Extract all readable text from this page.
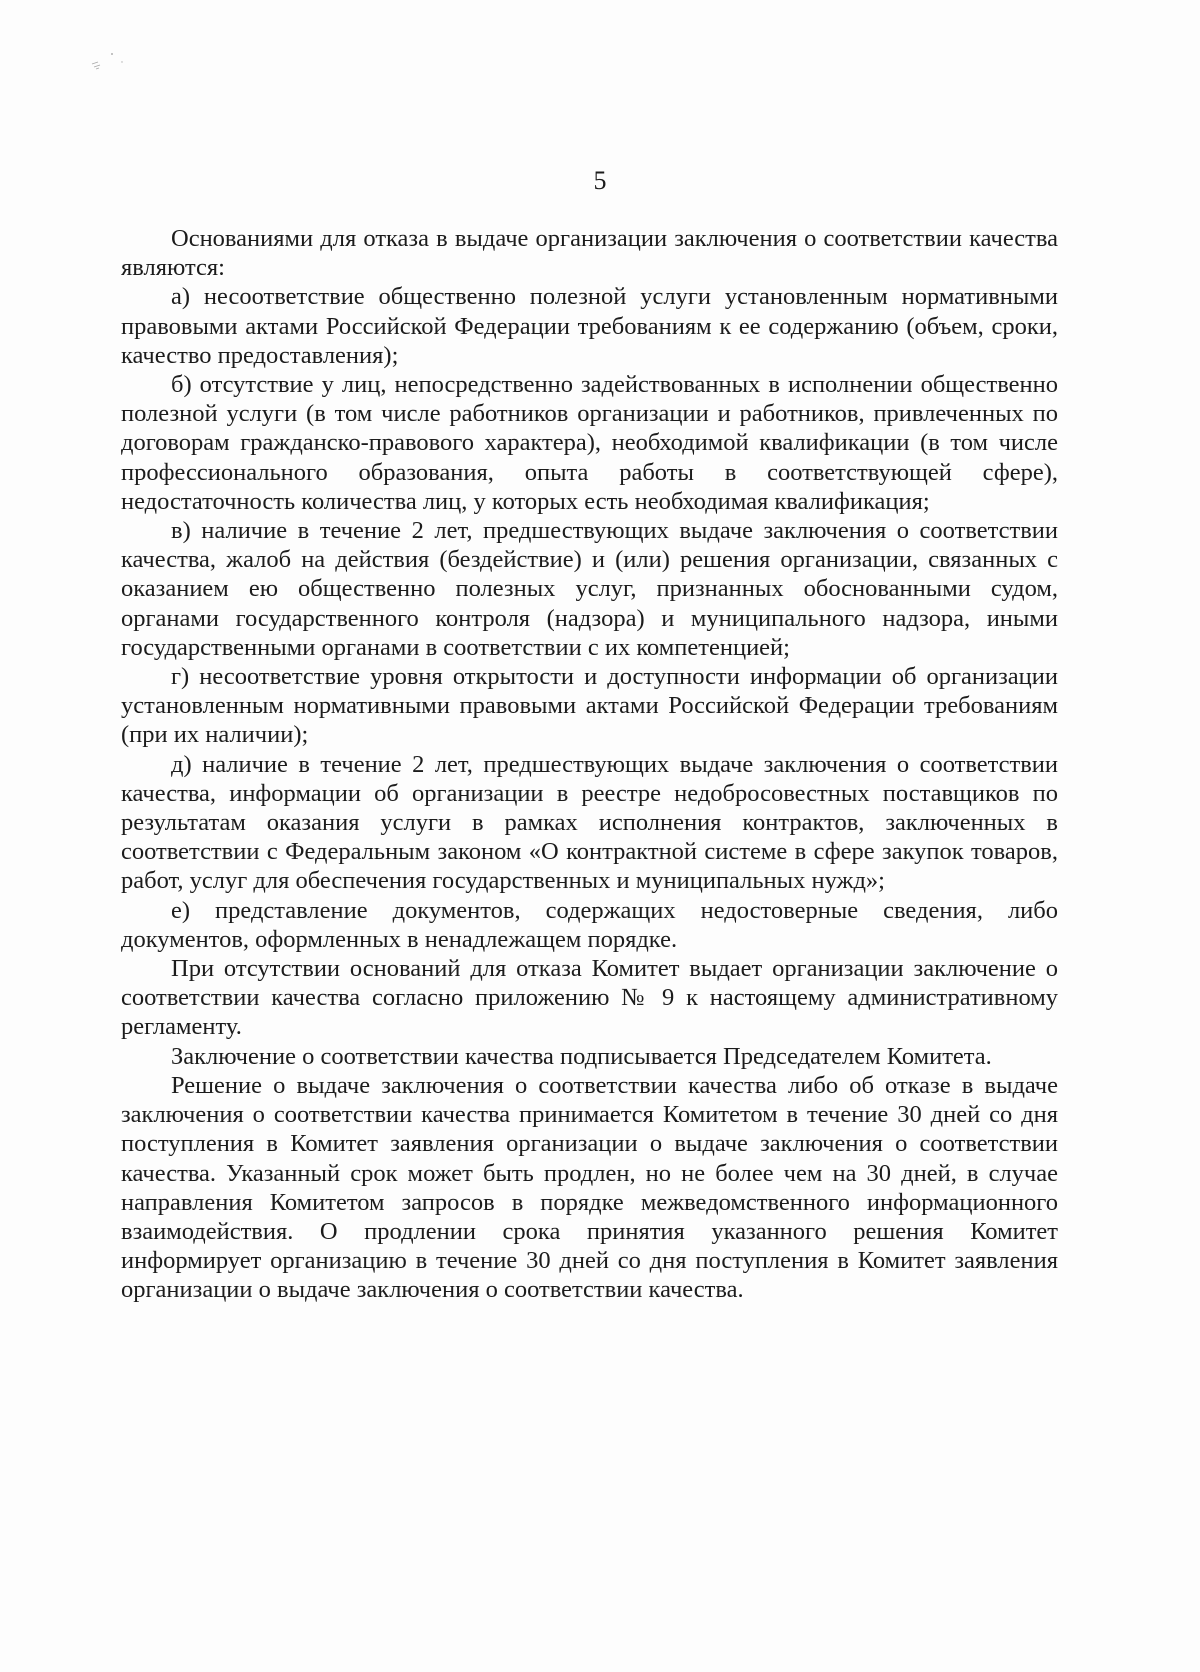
5

Основаниями для отказа в выдаче организации заключения о соответствии качества являются:

а) несоответствие общественно полезной услуги установленным нормативными правовыми актами Российской Федерации требованиям к ее содержанию (объем, сроки, качество предоставления);

б) отсутствие у лиц, непосредственно задействованных в исполнении общественно полезной услуги (в том числе работников организации и работников, привлеченных по договорам гражданско-правового характера), необходимой квалификации (в том числе профессионального образования, опыта работы в соответствующей сфере), недостаточность количества лиц, у которых есть необходимая квалификация;

в) наличие в течение 2 лет, предшествующих выдаче заключения о соответствии качества, жалоб на действия (бездействие) и (или) решения организации, связанных с оказанием ею общественно полезных услуг, признанных обоснованными судом, органами государственного контроля (надзора) и муниципального надзора, иными государственными органами в соответствии с их компетенцией;

г) несоответствие уровня открытости и доступности информации об организации установленным нормативными правовыми актами Российской Федерации требованиям (при их наличии);

д) наличие в течение 2 лет, предшествующих выдаче заключения о соответствии качества, информации об организации в реестре недобросовестных поставщиков по результатам оказания услуги в рамках исполнения контрактов, заключенных в соответствии с Федеральным законом «О контрактной системе в сфере закупок товаров, работ, услуг для обеспечения государственных и муниципальных нужд»;

е) представление документов, содержащих недостоверные сведения, либо документов, оформленных в ненадлежащем порядке.

При отсутствии оснований для отказа Комитет выдает организации заключение о соответствии качества согласно приложению № 9 к настоящему административному регламенту.

Заключение о соответствии качества подписывается Председателем Комитета.

Решение о выдаче заключения о соответствии качества либо об отказе в выдаче заключения о соответствии качества принимается Комитетом в течение 30 дней со дня поступления в Комитет заявления организации о выдаче заключения о соответствии качества. Указанный срок может быть продлен, но не более чем на 30 дней, в случае направления Комитетом запросов в порядке межведомственного информационного взаимодействия. О продлении срока принятия указанного решения Комитет информирует организацию в течение 30 дней со дня поступления в Комитет заявления организации о выдаче заключения о соответствии качества.
